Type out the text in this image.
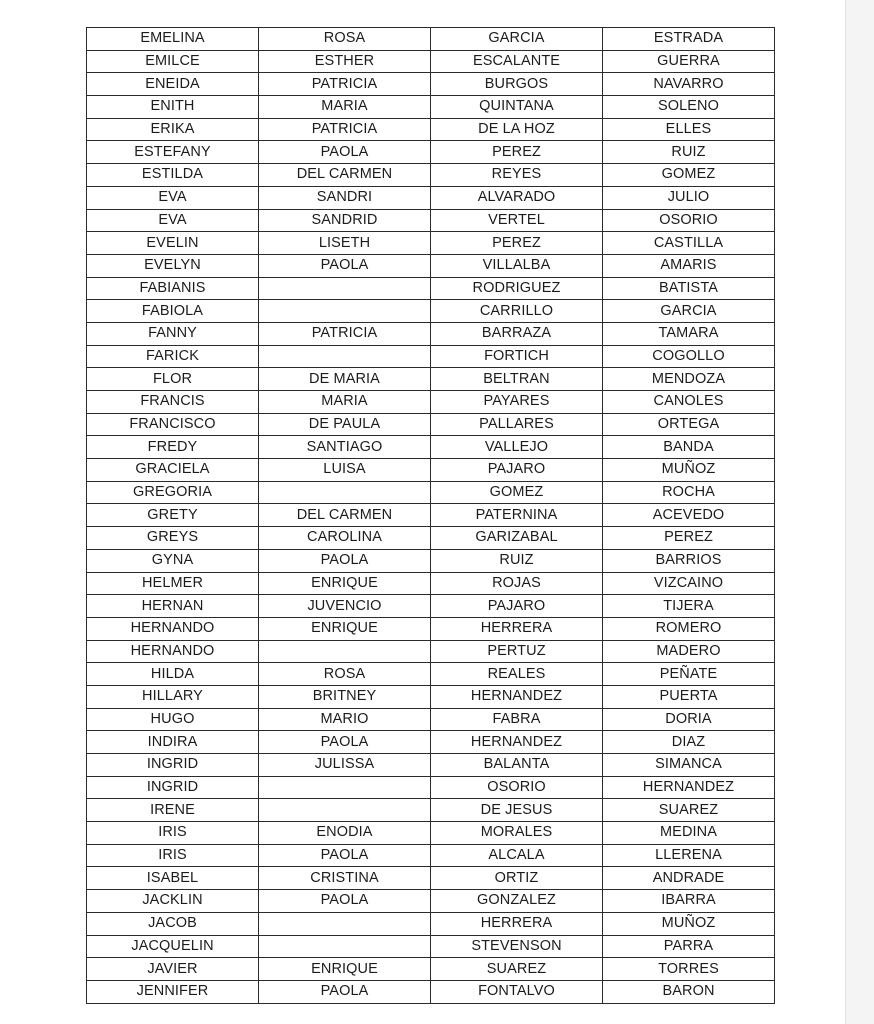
EMELINA	ROSA	GARCIA	ESTRADA
EMILCE	ESTHER	ESCALANTE	GUERRA
ENEIDA	PATRICIA	BURGOS	NAVARRO
ENITH	MARIA	QUINTANA	SOLENO
ERIKA	PATRICIA	DE LA HOZ	ELLES
ESTEFANY	PAOLA	PEREZ	RUIZ
ESTILDA	DEL CARMEN	REYES	GOMEZ
EVA	SANDRI	ALVARADO	JULIO
EVA	SANDRID	VERTEL	OSORIO
EVELIN	LISETH	PEREZ	CASTILLA
EVELYN	PAOLA	VILLALBA	AMARIS
FABIANIS		RODRIGUEZ	BATISTA
FABIOLA		CARRILLO	GARCIA
FANNY	PATRICIA	BARRAZA	TAMARA
FARICK		FORTICH	COGOLLO
FLOR	DE MARIA	BELTRAN	MENDOZA
FRANCIS	MARIA	PAYARES	CANOLES
FRANCISCO	DE PAULA	PALLARES	ORTEGA
FREDY	SANTIAGO	VALLEJO	BANDA
GRACIELA	LUISA	PAJARO	MUÑOZ
GREGORIA		GOMEZ	ROCHA
GRETY	DEL CARMEN	PATERNINA	ACEVEDO
GREYS	CAROLINA	GARIZABAL	PEREZ
GYNA	PAOLA	RUIZ	BARRIOS
HELMER	ENRIQUE	ROJAS	VIZCAINO
HERNAN	JUVENCIO	PAJARO	TIJERA
HERNANDO	ENRIQUE	HERRERA	ROMERO
HERNANDO		PERTUZ	MADERO
HILDA	ROSA	REALES	PEÑATE
HILLARY	BRITNEY	HERNANDEZ	PUERTA
HUGO	MARIO	FABRA	DORIA
INDIRA	PAOLA	HERNANDEZ	DIAZ
INGRID	JULISSA	BALANTA	SIMANCA
INGRID		OSORIO	HERNANDEZ
IRENE		DE JESUS	SUAREZ
IRIS	ENODIA	MORALES	MEDINA
IRIS	PAOLA	ALCALA	LLERENA
ISABEL	CRISTINA	ORTIZ	ANDRADE
JACKLIN	PAOLA	GONZALEZ	IBARRA
JACOB		HERRERA	MUÑOZ
JACQUELIN		STEVENSON	PARRA
JAVIER	ENRIQUE	SUAREZ	TORRES
JENNIFER	PAOLA	FONTALVO	BARON
